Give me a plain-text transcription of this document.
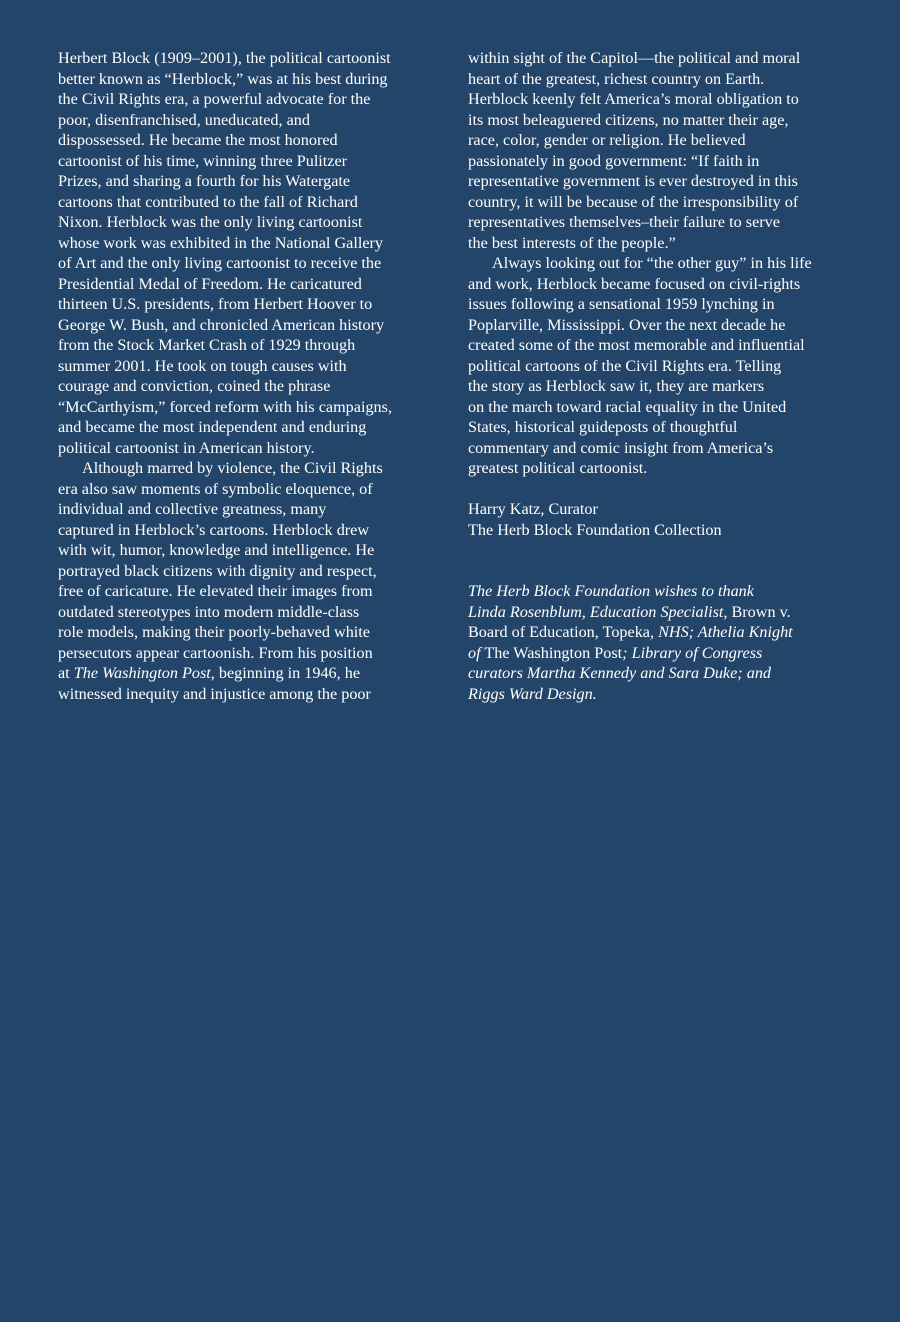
Herbert Block (1909–2001), the political cartoonist
better known as “Herblock,” was at his best during
the Civil Rights era, a powerful advocate for the
poor, disenfranchised, uneducated, and
dispossessed. He became the most honored
cartoonist of his time, winning three Pulitzer
Prizes, and sharing a fourth for his Watergate
cartoons that contributed to the fall of Richard
Nixon. Herblock was the only living cartoonist
whose work was exhibited in the National Gallery
of Art and the only living cartoonist to receive the
Presidential Medal of Freedom. He caricatured
thirteen U.S. presidents, from Herbert Hoover to
George W. Bush, and chronicled American history
from the Stock Market Crash of 1929 through
summer 2001. He took on tough causes with
courage and conviction, coined the phrase
“McCarthyism,” forced reform with his campaigns,
and became the most independent and enduring
political cartoonist in American history.
Although marred by violence, the Civil Rights
era also saw moments of symbolic eloquence, of
individual and collective greatness, many
captured in Herblock’s cartoons. Herblock drew
with wit, humor, knowledge and intelligence. He
portrayed black citizens with dignity and respect,
free of caricature. He elevated their images from
outdated stereotypes into modern middle-class
role models, making their poorly-behaved white
persecutors appear cartoonish. From his position
at The Washington Post, beginning in 1946, he
witnessed inequity and injustice among the poor
within sight of the Capitol—the political and moral
heart of the greatest, richest country on Earth.
Herblock keenly felt America’s moral obligation to
its most beleaguered citizens, no matter their age,
race, color, gender or religion. He believed
passionately in good government: “If faith in
representative government is ever destroyed in this
country, it will be because of the irresponsibility of
representatives themselves–their failure to serve
the best interests of the people.”
Always looking out for “the other guy” in his life
and work, Herblock became focused on civil-rights
issues following a sensational 1959 lynching in
Poplarville, Mississippi. Over the next decade he
created some of the most memorable and influential
political cartoons of the Civil Rights era. Telling
the story as Herblock saw it, they are markers
on the march toward racial equality in the United
States, historical guideposts of thoughtful
commentary and comic insight from America’s
greatest political cartoonist.
Harry Katz, Curator
The Herb Block Foundation Collection
The Herb Block Foundation wishes to thank
Linda Rosenblum, Education Specialist, Brown v.
Board of Education, Topeka, NHS; Athelia Knight
of The Washington Post; Library of Congress
curators Martha Kennedy and Sara Duke; and
Riggs Ward Design.
